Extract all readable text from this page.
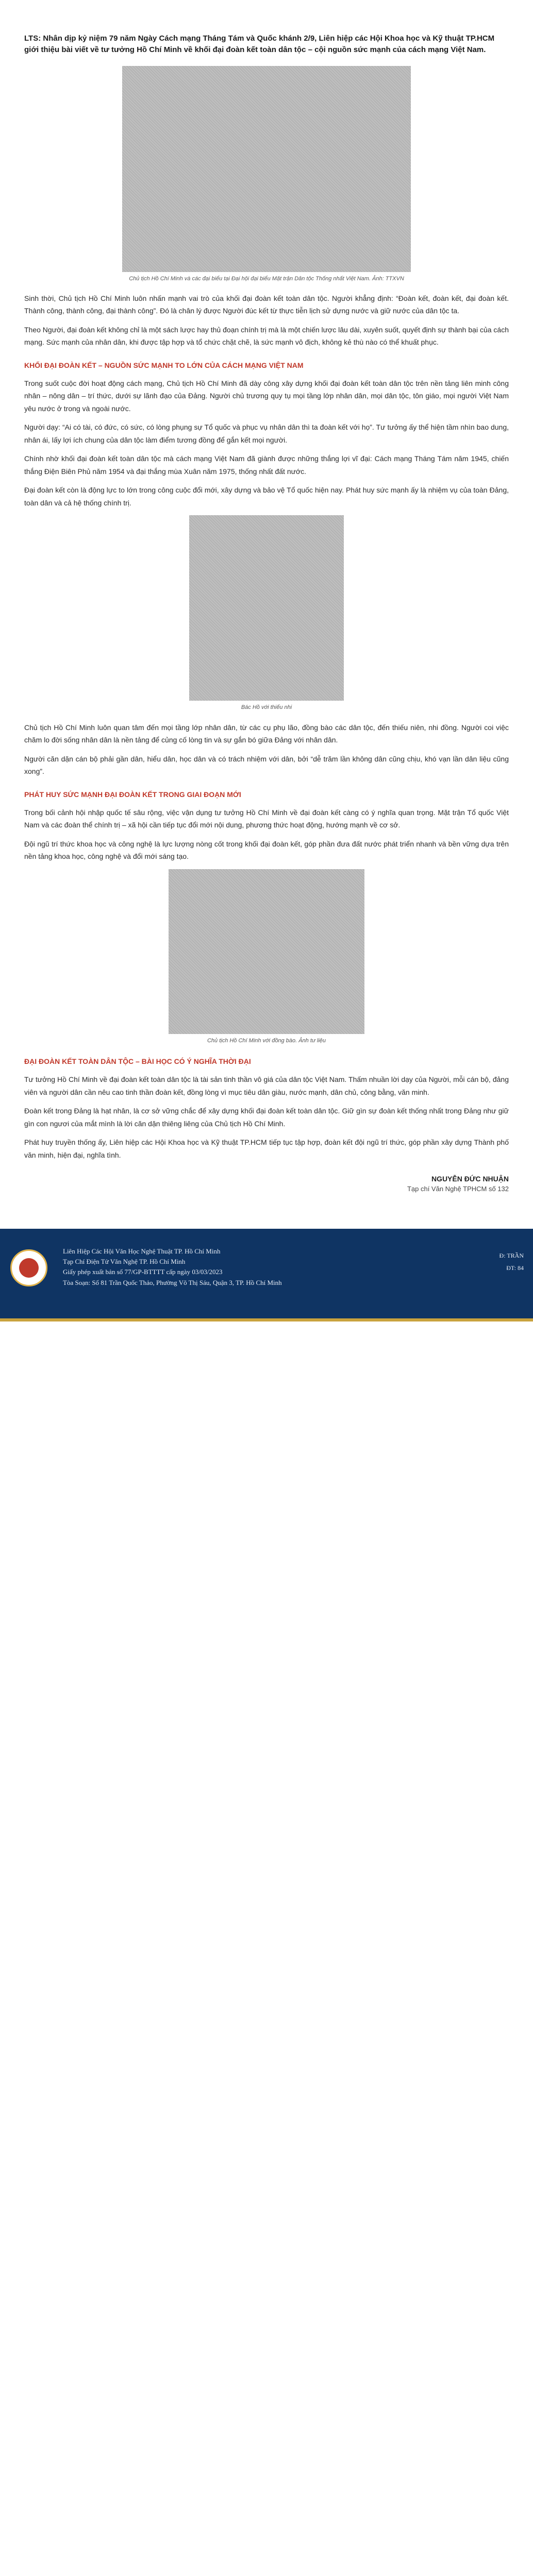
LTS: Nhân dịp kỷ niệm 79 năm Ngày Cách mạng Tháng Tám và Quốc khánh 2/9, Liên hiệp các Hội Khoa học và Kỹ thuật TP.HCM giới thiệu bài viết về tư tưởng Hồ Chí Minh về khối đại đoàn kết toàn dân tộc – cội nguồn sức mạnh của cách mạng Việt Nam.

Chủ tịch Hồ Chí Minh và các đại biểu tại Đại hội đại biểu Mặt trận Dân tộc Thống nhất Việt Nam. Ảnh: TTXVN

Sinh thời, Chủ tịch Hồ Chí Minh luôn nhấn mạnh vai trò của khối đại đoàn kết toàn dân tộc. Người khẳng định: “Đoàn kết, đoàn kết, đại đoàn kết. Thành công, thành công, đại thành công”. Đó là chân lý được Người đúc kết từ thực tiễn lịch sử dựng nước và giữ nước của dân tộc ta.

Theo Người, đại đoàn kết không chỉ là một sách lược hay thủ đoạn chính trị mà là một chiến lược lâu dài, xuyên suốt, quyết định sự thành bại của cách mạng. Sức mạnh của nhân dân, khi được tập hợp và tổ chức chặt chẽ, là sức mạnh vô địch, không kẻ thù nào có thể khuất phục.

KHỐI ĐẠI ĐOÀN KẾT – NGUỒN SỨC MẠNH TO LỚN CỦA CÁCH MẠNG VIỆT NAM

Trong suốt cuộc đời hoạt động cách mạng, Chủ tịch Hồ Chí Minh đã dày công xây dựng khối đại đoàn kết toàn dân tộc trên nền tảng liên minh công nhân – nông dân – trí thức, dưới sự lãnh đạo của Đảng. Người chủ trương quy tụ mọi tầng lớp nhân dân, mọi dân tộc, tôn giáo, mọi người Việt Nam yêu nước ở trong và ngoài nước.

Người dạy: “Ai có tài, có đức, có sức, có lòng phụng sự Tổ quốc và phục vụ nhân dân thì ta đoàn kết với họ”. Tư tưởng ấy thể hiện tầm nhìn bao dung, nhân ái, lấy lợi ích chung của dân tộc làm điểm tương đồng để gắn kết mọi người.

Chính nhờ khối đại đoàn kết toàn dân tộc mà cách mạng Việt Nam đã giành được những thắng lợi vĩ đại: Cách mạng Tháng Tám năm 1945, chiến thắng Điện Biên Phủ năm 1954 và đại thắng mùa Xuân năm 1975, thống nhất đất nước.

Đại đoàn kết còn là động lực to lớn trong công cuộc đổi mới, xây dựng và bảo vệ Tổ quốc hiện nay. Phát huy sức mạnh ấy là nhiệm vụ của toàn Đảng, toàn dân và cả hệ thống chính trị.

Bác Hồ với thiếu nhi

Chủ tịch Hồ Chí Minh luôn quan tâm đến mọi tầng lớp nhân dân, từ các cụ phụ lão, đồng bào các dân tộc, đến thiếu niên, nhi đồng. Người coi việc chăm lo đời sống nhân dân là nền tảng để củng cố lòng tin và sự gắn bó giữa Đảng với nhân dân.

Người căn dặn cán bộ phải gần dân, hiểu dân, học dân và có trách nhiệm với dân, bởi “dễ trăm lần không dân cũng chịu, khó vạn lần dân liệu cũng xong”.

PHÁT HUY SỨC MẠNH ĐẠI ĐOÀN KẾT TRONG GIAI ĐOẠN MỚI

Trong bối cảnh hội nhập quốc tế sâu rộng, việc vận dụng tư tưởng Hồ Chí Minh về đại đoàn kết càng có ý nghĩa quan trọng. Mặt trận Tổ quốc Việt Nam và các đoàn thể chính trị – xã hội cần tiếp tục đổi mới nội dung, phương thức hoạt động, hướng mạnh về cơ sở.

Đội ngũ trí thức khoa học và công nghệ là lực lượng nòng cốt trong khối đại đoàn kết, góp phần đưa đất nước phát triển nhanh và bền vững dựa trên nền tảng khoa học, công nghệ và đổi mới sáng tạo.

Chủ tịch Hồ Chí Minh với đồng bào. Ảnh tư liệu

ĐẠI ĐOÀN KẾT TOÀN DÂN TỘC – BÀI HỌC CÓ Ý NGHĨA THỜI ĐẠI

Tư tưởng Hồ Chí Minh về đại đoàn kết toàn dân tộc là tài sản tinh thần vô giá của dân tộc Việt Nam. Thấm nhuần lời dạy của Người, mỗi cán bộ, đảng viên và người dân cần nêu cao tinh thần đoàn kết, đồng lòng vì mục tiêu dân giàu, nước mạnh, dân chủ, công bằng, văn minh.

Đoàn kết trong Đảng là hạt nhân, là cơ sở vững chắc để xây dựng khối đại đoàn kết toàn dân tộc. Giữ gìn sự đoàn kết thống nhất trong Đảng như giữ gìn con ngươi của mắt mình là lời căn dặn thiêng liêng của Chủ tịch Hồ Chí Minh.

Phát huy truyền thống ấy, Liên hiệp các Hội Khoa học và Kỹ thuật TP.HCM tiếp tục tập hợp, đoàn kết đội ngũ trí thức, góp phần xây dựng Thành phố văn minh, hiện đại, nghĩa tình.

NGUYỄN ĐỨC NHUẬN

Tạp chí Văn Nghệ TPHCM số 132

Liên Hiệp Các Hội Văn Học Nghệ Thuật TP. Hồ Chí Minh
Tạp Chí Điện Tử Văn Nghệ TP. Hồ Chí Minh
Giấy phép xuất bản số 77/GP-BTTTT cấp ngày 03/03/2023
Tòa Soạn: Số 81 Trần Quốc Thảo, Phường Võ Thị Sáu, Quận 3, TP. Hồ Chí Minh
Đ: TRẦN
ĐT: 84
